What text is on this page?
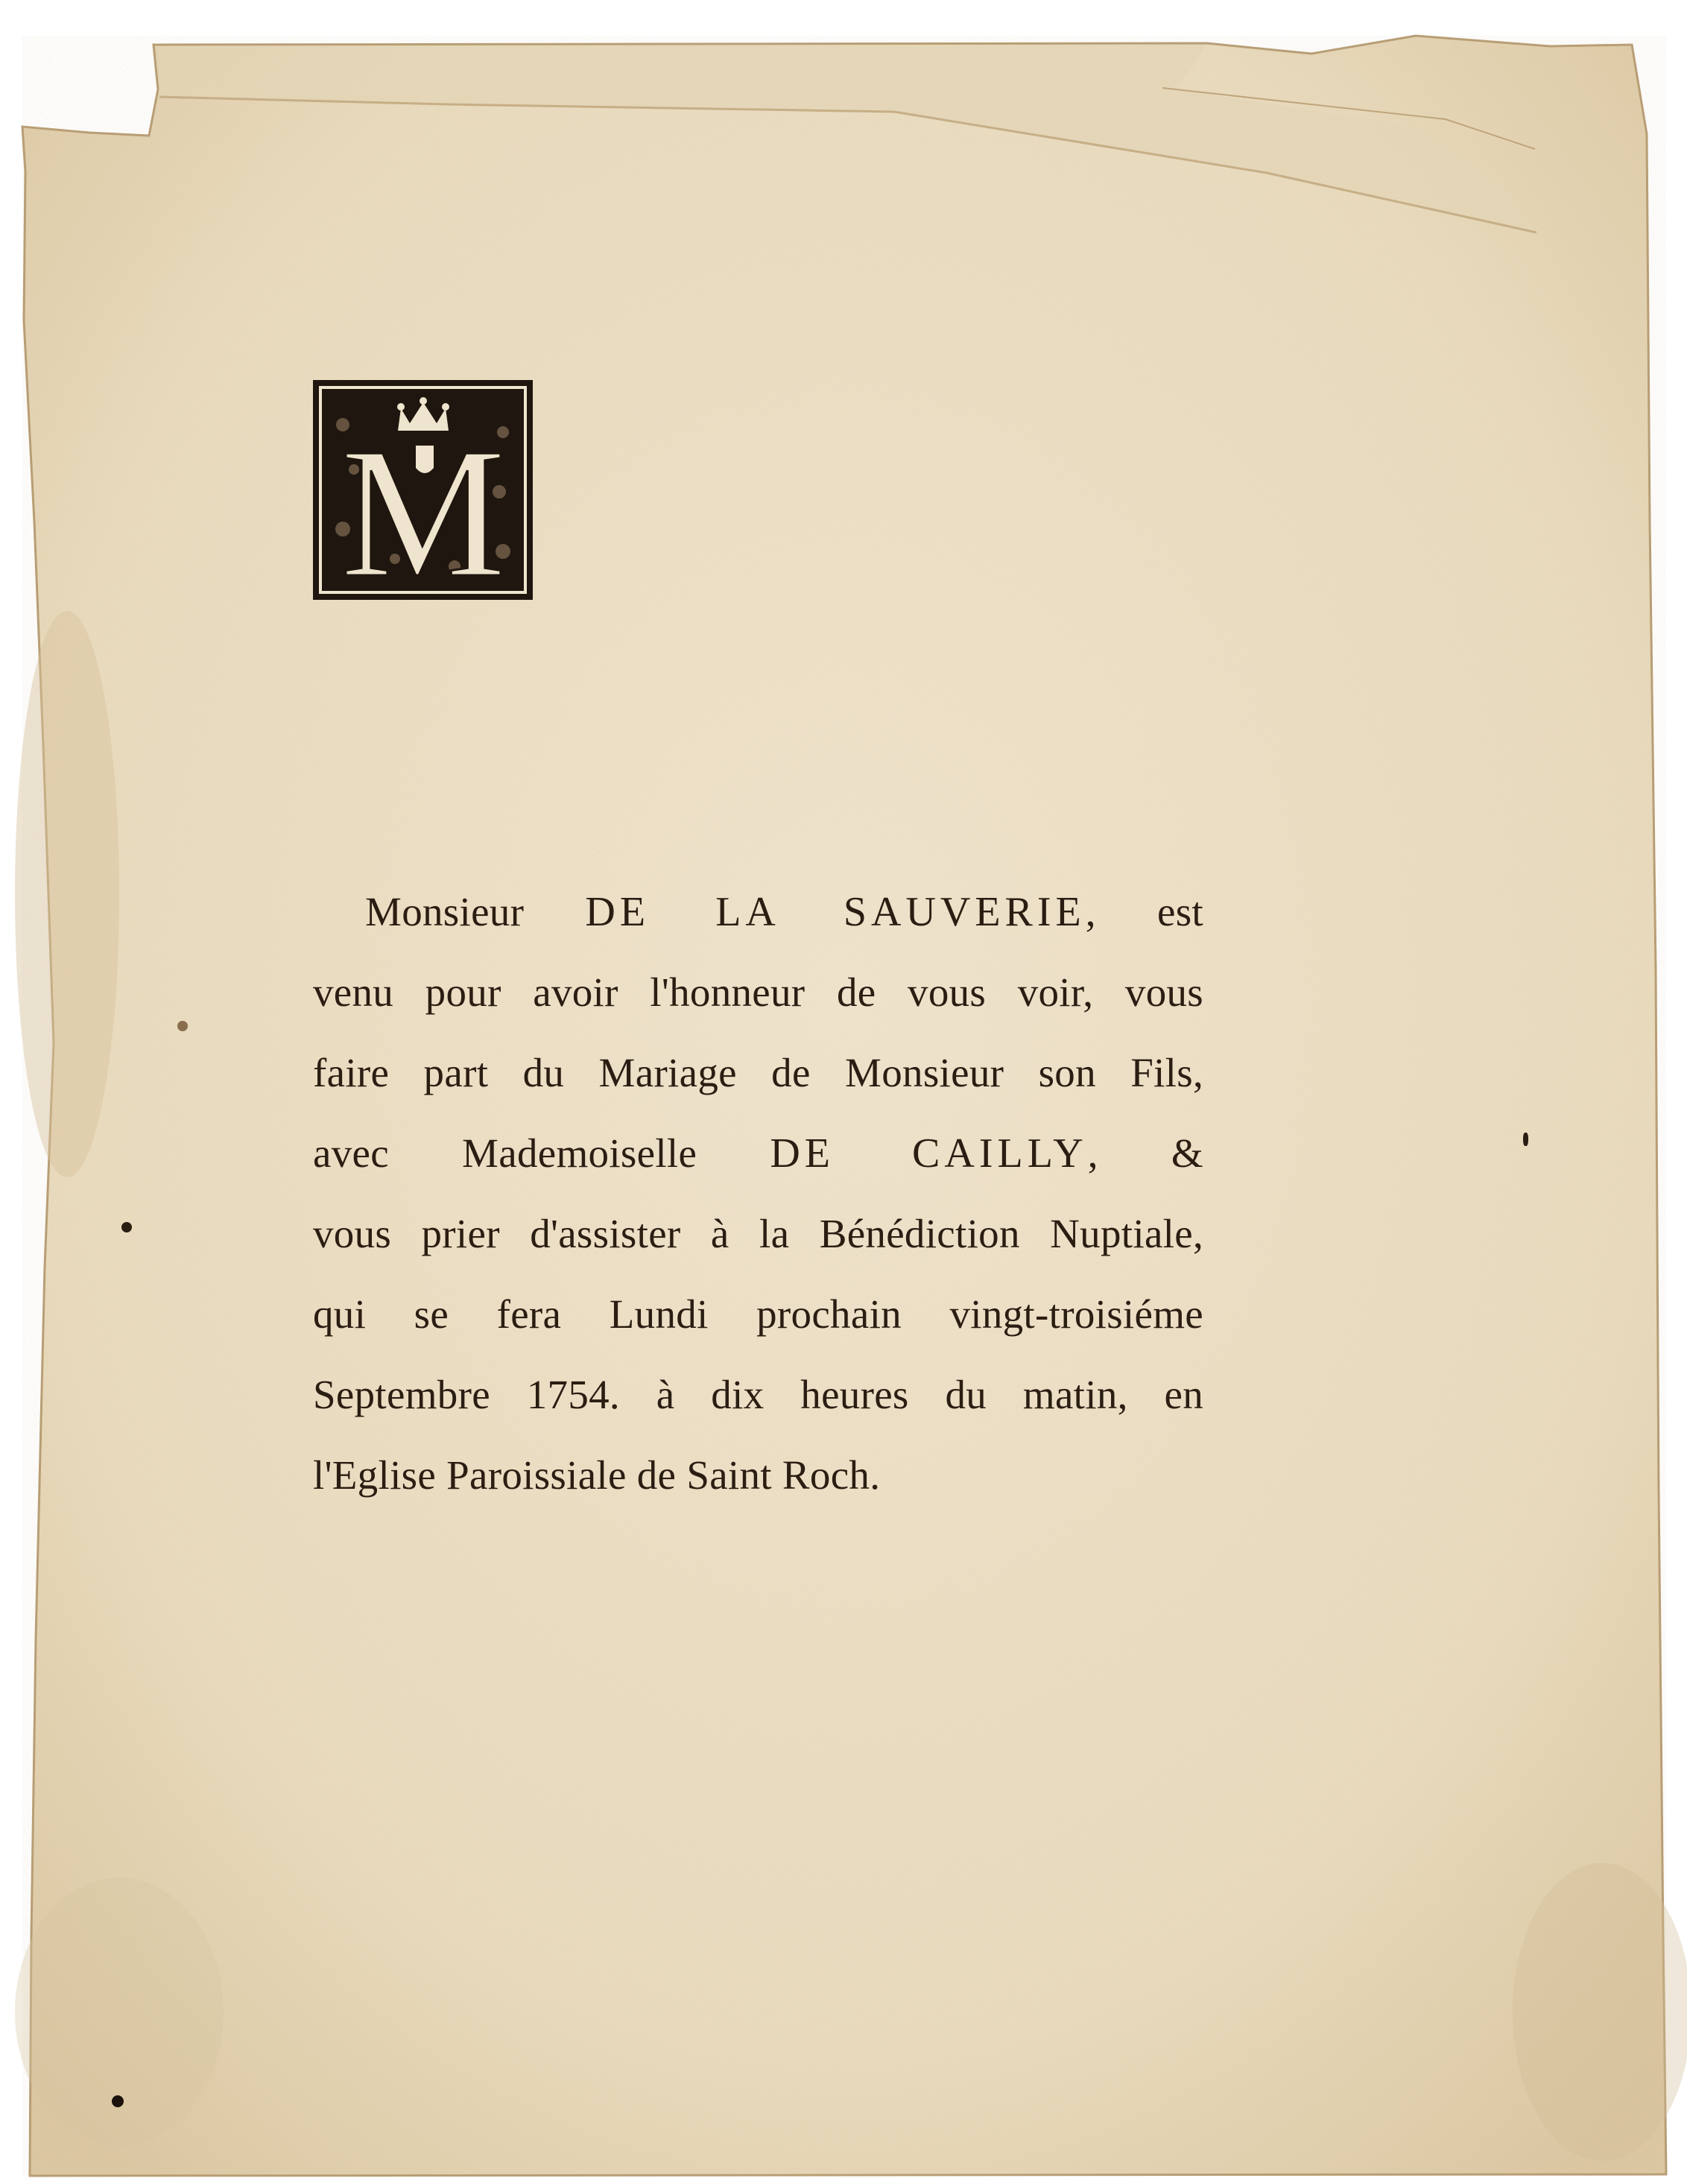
M
Monsieur DE LA SAUVERIE, est
venu pour avoir l'honneur de vous voir, vous
faire part du Mariage de Monsieur son Fils,
avec Mademoiselle DE CAILLY, &
vous prier d'assister à la Bénédiction Nuptiale,
qui se fera Lundi prochain vingt-troisiéme
Septembre 1754. à dix heures du matin, en
l'Eglise Paroissiale de Saint Roch.
